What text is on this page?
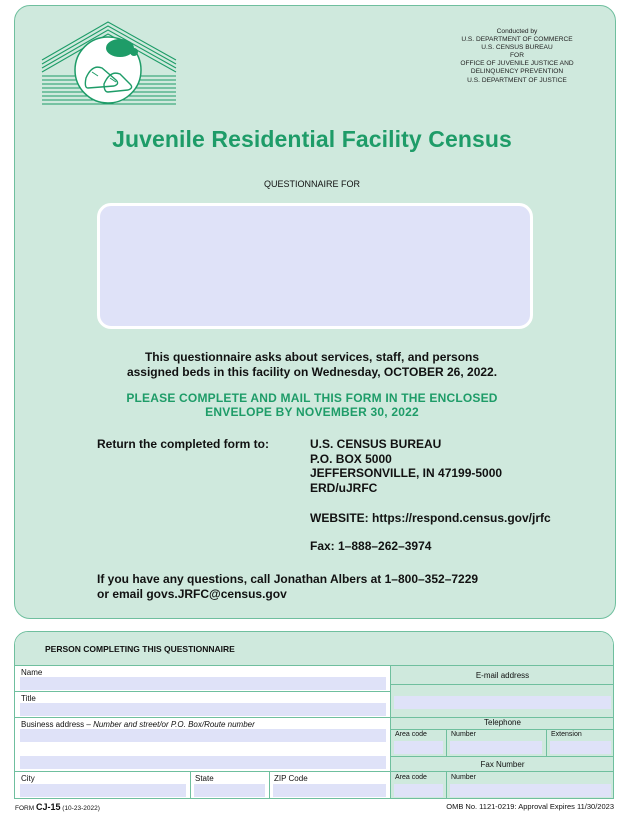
Conducted by
U.S. DEPARTMENT OF COMMERCE
U.S. CENSUS BUREAU
FOR
OFFICE OF JUVENILE JUSTICE AND
DELINQUENCY PREVENTION
U.S. DEPARTMENT OF JUSTICE
Juvenile Residential Facility Census
QUESTIONNAIRE FOR
This questionnaire asks about services, staff, and persons
assigned beds in this facility on Wednesday, OCTOBER 26, 2022.
PLEASE COMPLETE AND MAIL THIS FORM IN THE ENCLOSED
ENVELOPE BY NOVEMBER 30, 2022
Return the completed form to:	U.S. CENSUS BUREAU
P.O. BOX 5000
JEFFERSONVILLE, IN 47199-5000
ERD/uJRFC
WEBSITE: https://respond.census.gov/jrfc
Fax: 1–888–262–3974
If you have any questions, call Jonathan Albers at 1–800–352–7229
or email govs.JRFC@census.gov
PERSON COMPLETING THIS QUESTIONNAIRE
Name
Title
Business address – Number and street/or P.O. Box/Route number
City	State	ZIP Code
E-mail address
Telephone
Area code	Number	Extension
Fax Number
Area code	Number
FORM CJ-15 (10-23-2022)	OMB No. 1121-0219: Approval Expires 11/30/2023
